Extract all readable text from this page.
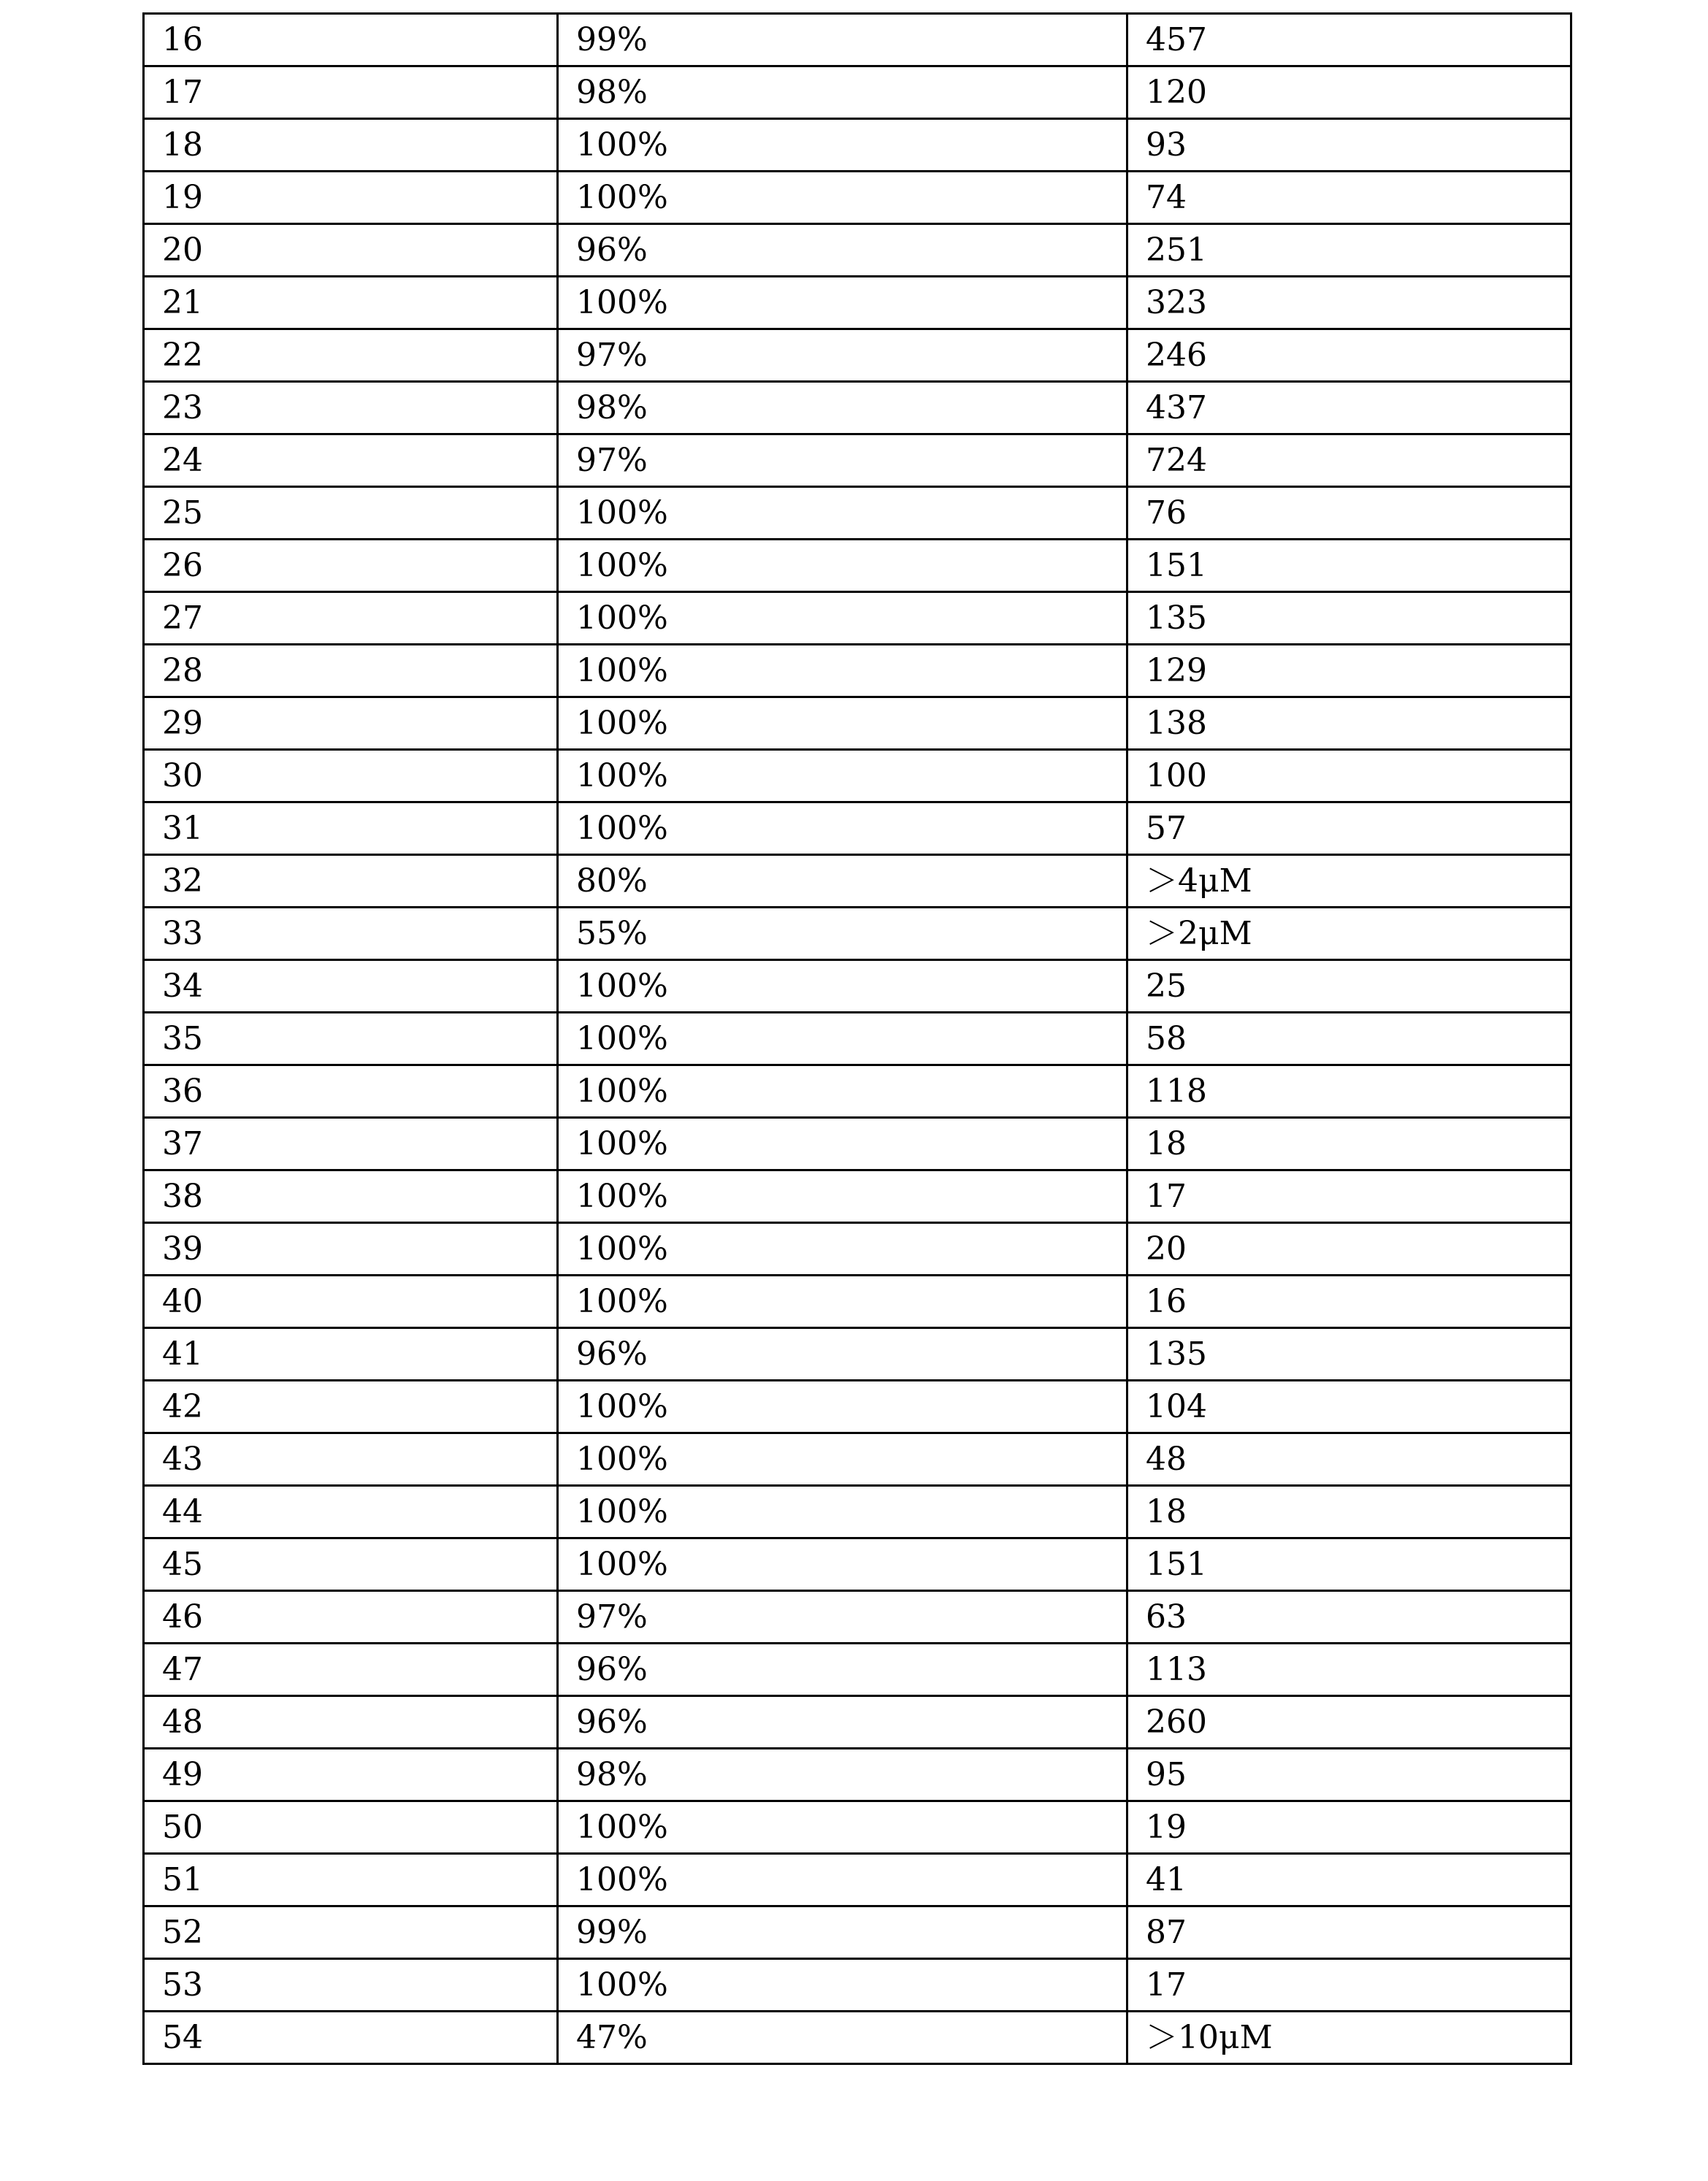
16	99%	457
17	98%	120
18	100%	93
19	100%	74
20	96%	251
21	100%	323
22	97%	246
23	98%	437
24	97%	724
25	100%	76
26	100%	151
27	100%	135
28	100%	129
29	100%	138
30	100%	100
31	100%	57
32	80%	＞4μM
33	55%	＞2μM
34	100%	25
35	100%	58
36	100%	118
37	100%	18
38	100%	17
39	100%	20
40	100%	16
41	96%	135
42	100%	104
43	100%	48
44	100%	18
45	100%	151
46	97%	63
47	96%	113
48	96%	260
49	98%	95
50	100%	19
51	100%	41
52	99%	87
53	100%	17
54	47%	＞10μM
